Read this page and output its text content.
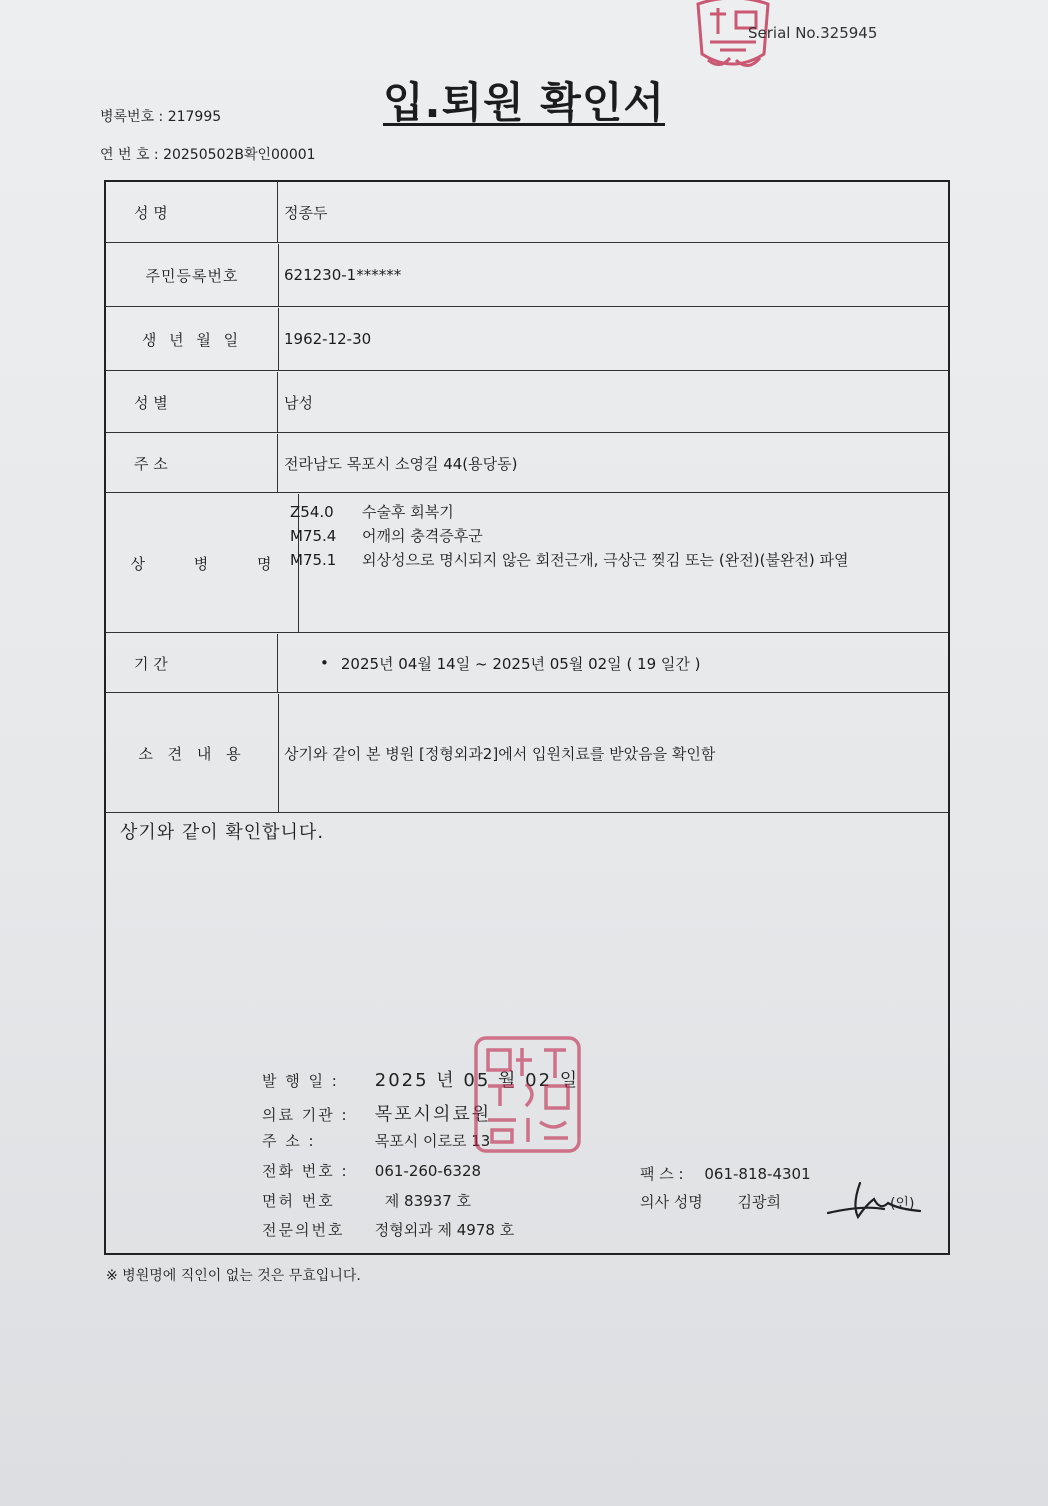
Serial No.325945
입.퇴원 확인서
병록번호 : 217995
연 번 호 : 20250502B확인00001
성 명	정종두
주민등록번호	621230-1******
생 년 월 일	1962-12-30
성 별	남성
주 소	전라남도 목포시 소영길 44(용당동)
상 병 명
Z54.0	수술후 회복기
M75.4	어깨의 충격증후군
M75.1	외상성으로 명시되지 않은 회전근개, 극상근 찢김 또는 (완전)(불완전) 파열
기 간	• 2025년 04월 14일 ~ 2025년 05월 02일 ( 19 일간 )
소 견 내 용	상기와 같이 본 병원 [정형외과2]에서 입원치료를 받았음을 확인함
상기와 같이 확인합니다.
발 행 일 : 2025 년 05 월 02 일
의료 기관 : 목포시의료원
주 소 :	목포시 이로로 13
전화 번호 : 061-260-6328
면허 번호	제 83937 호
전문의번호 정형외과 제 4978 호
팩 스 : 061-818-4301
의사 성명 김광희	(인)
※ 병원명에 직인이 없는 것은 무효입니다.
